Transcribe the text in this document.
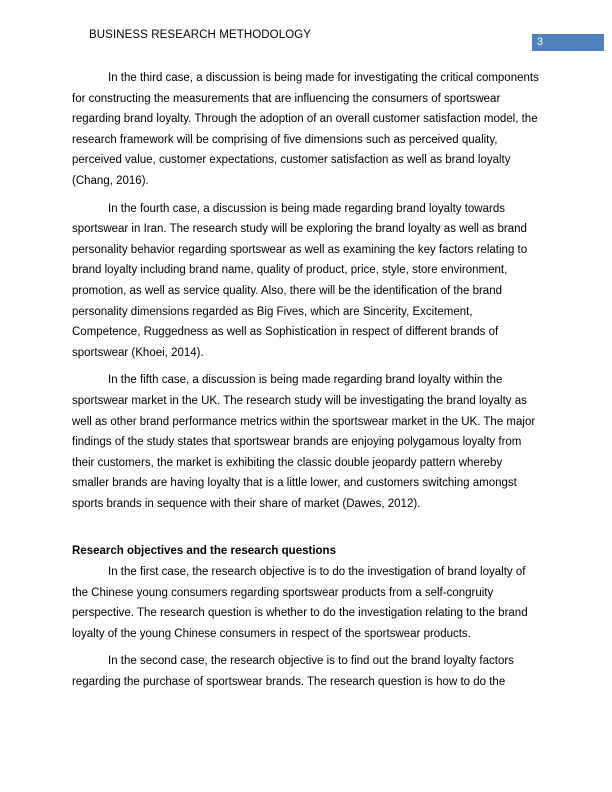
BUSINESS RESEARCH METHODOLOGY
3

In the third case, a discussion is being made for investigating the critical components for constructing the measurements that are influencing the consumers of sportswear regarding brand loyalty. Through the adoption of an overall customer satisfaction model, the research framework will be comprising of five dimensions such as perceived quality, perceived value, customer expectations, customer satisfaction as well as brand loyalty (Chang, 2016).

In the fourth case, a discussion is being made regarding brand loyalty towards sportswear in Iran. The research study will be exploring the brand loyalty as well as brand personality behavior regarding sportswear as well as examining the key factors relating to brand loyalty including brand name, quality of product, price, style, store environment, promotion, as well as service quality. Also, there will be the identification of the brand personality dimensions regarded as Big Fives, which are Sincerity, Excitement, Competence, Ruggedness as well as Sophistication in respect of different brands of sportswear (Khoei, 2014).

In the fifth case, a discussion is being made regarding brand loyalty within the sportswear market in the UK. The research study will be investigating the brand loyalty as well as other brand performance metrics within the sportswear market in the UK. The major findings of the study states that sportswear brands are enjoying polygamous loyalty from their customers, the market is exhibiting the classic double jeopardy pattern whereby smaller brands are having loyalty that is a little lower, and customers switching amongst sports brands in sequence with their share of market (Dawes, 2012).

Research objectives and the research questions

In the first case, the research objective is to do the investigation of brand loyalty of the Chinese young consumers regarding sportswear products from a self-congruity perspective. The research question is whether to do the investigation relating to the brand loyalty of the young Chinese consumers in respect of the sportswear products.

In the second case, the research objective is to find out the brand loyalty factors regarding the purchase of sportswear brands. The research question is how to do the
